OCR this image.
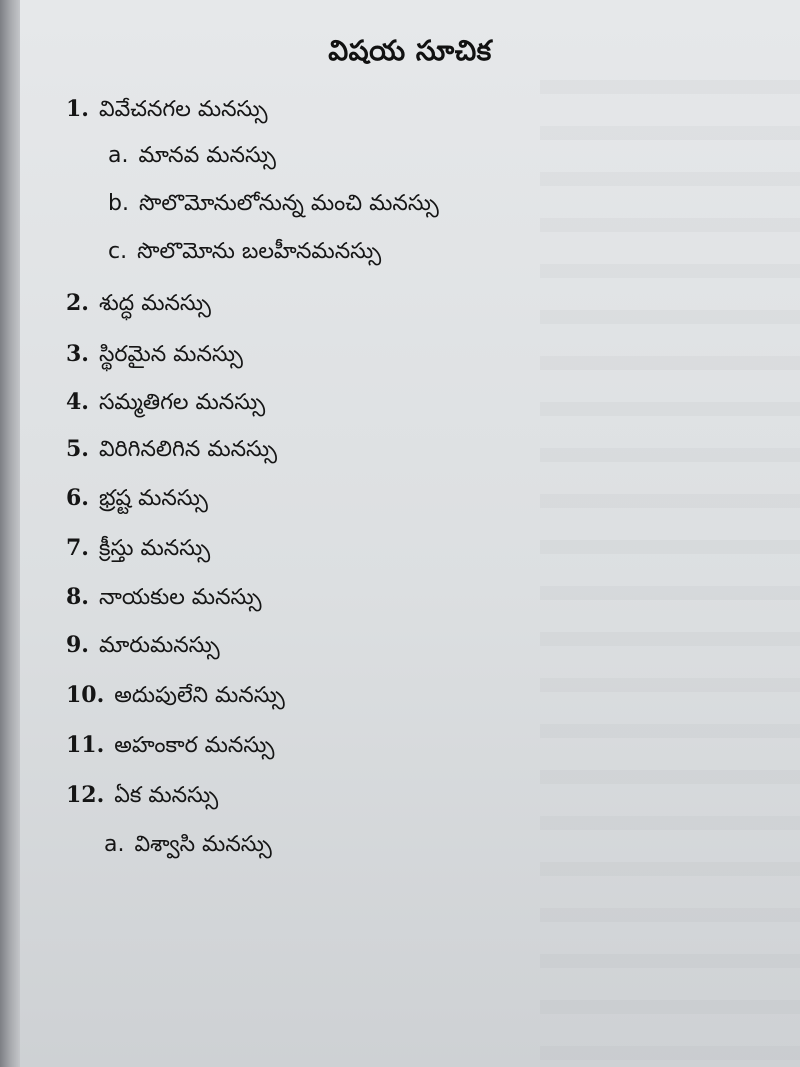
విషయ సూచిక
1. వివేచనగల మనస్సు
a. మానవ మనస్సు
b. సొలొమోనులోనున్న మంచి మనస్సు
c. సొలొమోను బలహీనమనస్సు
2. శుద్ధ మనస్సు
3. స్థిరమైన మనస్సు
4. సమ్మతిగల మనస్సు
5. విరిగినలిగిన మనస్సు
6. భ్రష్ట మనస్సు
7. క్రీస్తు మనస్సు
8. నాయకుల మనస్సు
9. మారుమనస్సు
10. అదుపులేని మనస్సు
11. అహంకార మనస్సు
12. ఏక మనస్సు
a. విశ్వాసి మనస్సు
